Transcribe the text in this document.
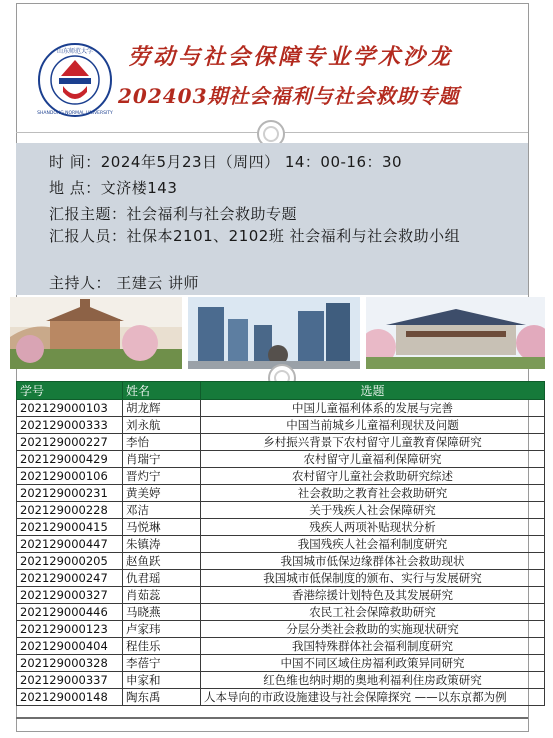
山东师范大学
SHANDONG NORMAL UNIVERSITY
劳动与社会保障专业学术沙龙
202403期社会福利与社会救助专题
时 间：2024年5月23日（周四） 14：00-16：30
地 点：文济楼143
汇报主题：社会福利与社会救助专题
汇报人员：社保本2101、2102班 社会福利与社会救助小组
主持人： 王建云 讲师
学号	姓名	选题
202129000103	胡龙辉	中国儿童福利体系的发展与完善
202129000333	刘永航	中国当前城乡儿童福利现状及问题
202129000227	李怡	乡村振兴背景下农村留守儿童教育保障研究
202129000429	肖瑞宁	农村留守儿童福利保障研究
202129000106	晋灼宁	农村留守儿童社会救助研究综述
202129000231	黄美婷	社会救助之教育社会救助研究
202129000228	邓洁	关于残疾人社会保障研究
202129000415	马悦琳	残疾人两项补贴现状分析
202129000447	朱镇涛	我国残疾人社会福利制度研究
202129000205	赵鱼跃	我国城市低保边缘群体社会救助现状
202129000247	仇君瑶	我国城市低保制度的颁布、实行与发展研究
202129000327	肖茹蕊	香港综援计划特色及其发展研究
202129000446	马晓燕	农民工社会保障救助研究
202129000123	卢家玮	分层分类社会救助的实施现状研究
202129000404	程佳乐	我国特殊群体社会福利制度研究
202129000328	李蓓宁	中国不同区域住房福利政策异同研究
202129000337	申家和	红色维也纳时期的奥地利福利住房政策研究
202129000148	陶东禹	人本导向的市政设施建设与社会保障探究 ——以东京都为例
